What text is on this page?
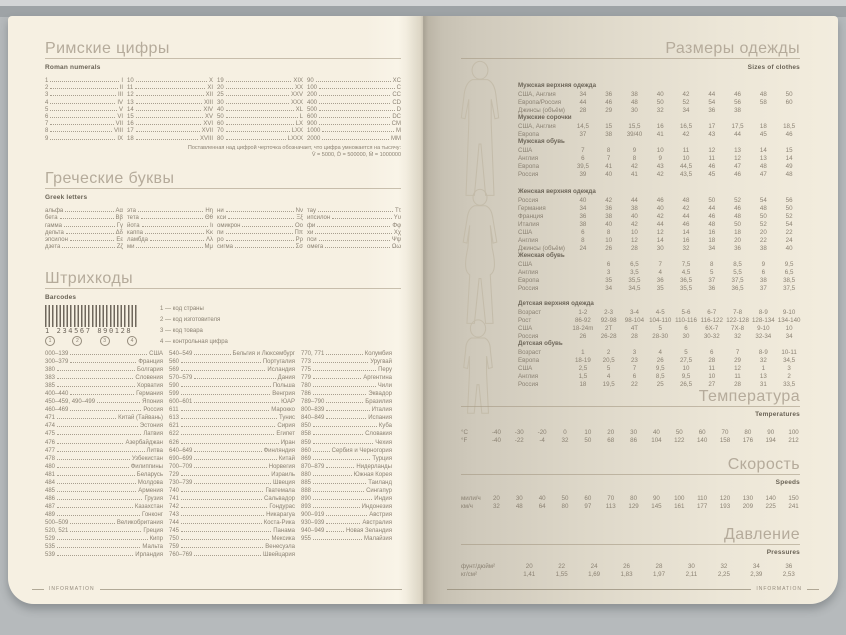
Римские цифры
Roman numerals
1	I
2	II
3	III
4	IV
5	V
6	VI
7	VII
8	VIII
9	IX
10	X
11	XI
12	XII
13	XIII
14	XIV
15	XV
16	XVI
17	XVII
18	XVIII
19	XIX
20	XX
25	XXV
30	XXX
40	XL
50	L
60	LX
70	LXX
80	LXXX
90	XC
100	C
200	CC
400	CD
500	D
600	DC
900	CM
1000	M
2000	MM
Поставленная над цифрой черточка обозначает, что цифра умножается на тысячу:
V̄ = 5000, D̄ = 500000, M̄ = 1000000
Греческие буквы
Greek letters
альфа	Αα
бета	Ββ
гамма	Γγ
дельта	Δδ
эпсилон	Εε
дзета	Ζζ
эта	Ηη
тета	Θθ
йота	Ιι
каппа	Κκ
ламбда	Λλ
ми	Μμ
ни	Νν
кси	Ξξ
омикрон	Οο
пи	Ππ
ро	Ρρ
сигма	Σσ
тау	Ττ
ипсилон	Υυ
фи	Φφ
хи	Χχ
пси	Ψψ
омега	Ωω
Штрихкоды
Barcodes
1 234567 890128
1	2	3	4
1 — код страны
2 — код изготовителя
3 — код товара
4 — контрольная цифра
000–139	США
300–379	Франция
380	Болгария
383	Словения
385	Хорватия
400–440	Германия
450–459, 490–499	Япония
460–469	Россия
471	Китай (Тайвань)
474	Эстония
475	Латвия
476	Азербайджан
477	Литва
478	Узбекистан
480	Филиппины
481	Беларусь
484	Молдова
485	Армения
486	Грузия
487	Казахстан
489	Гонконг
500–509	Великобритания
520, 521	Греция
529	Кипр
535	Мальта
539	Ирландия
540–549	Бельгия и Люксембург
560	Португалия
569	Исландия
570–579	Дания
590	Польша
599	Венгрия
600–601	ЮАР
611	Марокко
613	Тунис
621	Сирия
622	Египет
626	Иран
640–649	Финляндия
690–699	Китай
700–709	Норвегия
729	Израиль
730–739	Швеция
740	Гватемала
741	Сальвадор
742	Гондурас
743	Никарагуа
744	Коста-Рика
745	Панама
750	Мексика
759	Венесуэла
760–769	Швейцария
770, 771	Колумбия
773	Уругвай
775	Перу
779	Аргентина
780	Чили
786	Эквадор
789–790	Бразилия
800–839	Италия
840–849	Испания
850	Куба
858	Словакия
859	Чехия
860	Сербия и Черногория
869	Турция
870–879	Нидерланды
880	Южная Корея
885	Таиланд
888	Сингапур
890	Индия
893	Индонезия
900–919	Австрия
930–939	Австралия
940–949	Новая Зеландия
955	Малайзия
INFORMATION
Размеры одежды
Sizes of clothes
Мужская верхняя одежда
США, Англия	34	36	38	40	42	44	46	48	50
Европа/Россия	44	46	48	50	52	54	56	58	60
Джинсы (объём)	28	29	30	32	34	36	38
Мужские сорочки
США, Англия	14,5	15	15,5	16	16,5	17	17,5	18	18,5
Европа	37	38	39/40	41	42	43	44	45	46
Мужская обувь
США	7	8	9	10	11	12	13	14	15
Англия	6	7	8	9	10	11	12	13	14
Европа	39,5	41	42	43	44,5	46	47	48	49
Россия	39	40	41	42	43,5	45	46	47	48
Женская верхняя одежда
Россия	40	42	44	46	48	50	52	54	56
Германия	34	36	38	40	42	44	46	48	50
Франция	36	38	40	42	44	46	48	50	52
Италия	38	40	42	44	46	48	50	52	54
США	6	8	10	12	14	16	18	20	22
Англия	8	10	12	14	16	18	20	22	24
Джинсы (объём)	24	26	28	30	32	34	36	38	40
Женская обувь
США	6	6,5	7	7,5	8	8,5	9	9,5
Англия	3	3,5	4	4,5	5	5,5	6	6,5
Европа	35	35,5	36	36,5	37	37,5	38	38,5
Россия	34	34,5	35	35,5	36	36,5	37	37,5
Детская верхняя одежда
Возраст	1-2	2-3	3-4	4-5	5-6	6-7	7-8	8-9	9-10
Рост	86-92	92-98	98-104 104-110 110-116 116-122 122-128 128-134 134-140
США	18-24m	2T	4T	5	6	6X-7	7X-8	9-10	10
Россия	26	26-28	28	28-30	30	30-32	32	32-34	34
Детская обувь
Возраст	1	2	3	4	5	6	7	8-9	10-11
Европа	18-19	20,5	23	26	27,5	28	29	32	34,5
США	2,5	5	7	9,5	10	11	12	1	3
Англия	1,5	4	6	8,5	9,5	10	11	13	2
Россия	18	19,5	22	25	26,5	27	28	31	33,5
Температура
Temperatures
°C	-40	-30	-20	0	10	20	30	40	50	60	70	80	90	100
°F	-40	-22	-4	32	50	68	86	104	122	140	158	176	194	212
Скорость
Speeds
мили/ч	20	30	40	50	60	70	80	90	100	110	120	130	140	150
км/ч	32	48	64	80	97	113	129	145	161	177	193	209	225	241
Давление
Pressures
фунт/дюйм²	20	22	24	26	28	30	32	34	36
кг/см²	1,41	1,55	1,69	1,83	1,97	2,11	2,25	2,39	2,53
INFORMATION
